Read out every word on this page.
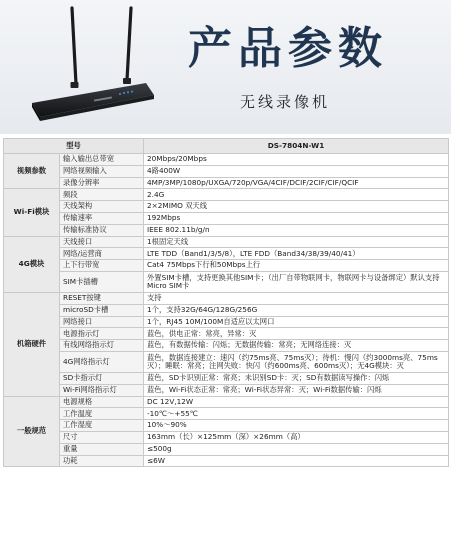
产品参数
无线录像机
型号		DS-7804N-W1
视频参数	输入输出总带宽	20Mbps/20Mbps
	网络视频输入	4路400W
	录像分辨率	4MP/3MP/1080p/UXGA/720p/VGA/4CIF/DCIF/2CIF/CIF/QCIF
Wi-Fi模块	频段	2.4G
	天线架构	2×2MIMO 双天线
	传输速率	192Mbps
	传输标准协议	IEEE 802.11b/g/n
4G模块	天线接口	1根固定天线
	网络/运营商	LTE TDD（Band1/3/5/8），LTE FDD（Band34/38/39/40/41）
	上下行带宽	Cat4 75Mbps下行和50Mbps上行
	SIM卡插槽	外置SIM卡槽，支持更换其他SIM卡；（出厂自带物联网卡，物联网卡与设备绑定）默认支持Micro SIM卡
机箱硬件	RESET按键	支持
	microSD卡槽	1个，支持32G/64G/128G/256G
	网络接口	1个，RJ45 10M/100M自适应以太网口
	电源指示灯	蓝色，供电正常：常亮，异常：灭
	有线网络指示灯	蓝色，有数据传输：闪烁；无数据传输：常亮；无网络连接：灭
	4G网络指示灯	蓝色，数据连接建立：速闪（约75ms亮、75ms灭）；待机：慢闪（约3000ms亮、75ms灭）；睡眠：常亮；注网失败：快闪（约600ms亮、600ms灭）；无4G模块：灭
	SD卡指示灯	蓝色，SD卡识别正常：常亮；未识别SD卡：灭；SD有数据读写操作：闪烁
	Wi-Fi网络指示灯	蓝色，Wi-Fi状态正常：常亮；Wi-Fi状态异常：灭；Wi-Fi数据传输：闪烁
一般规范	电源规格	DC 12V,12W
	工作温度	-10℃～+55℃
	工作湿度	10%～90%
	尺寸	163mm（长）×125mm（深）×26mm（高）
	重量	≤500g
	功耗	≤6W
